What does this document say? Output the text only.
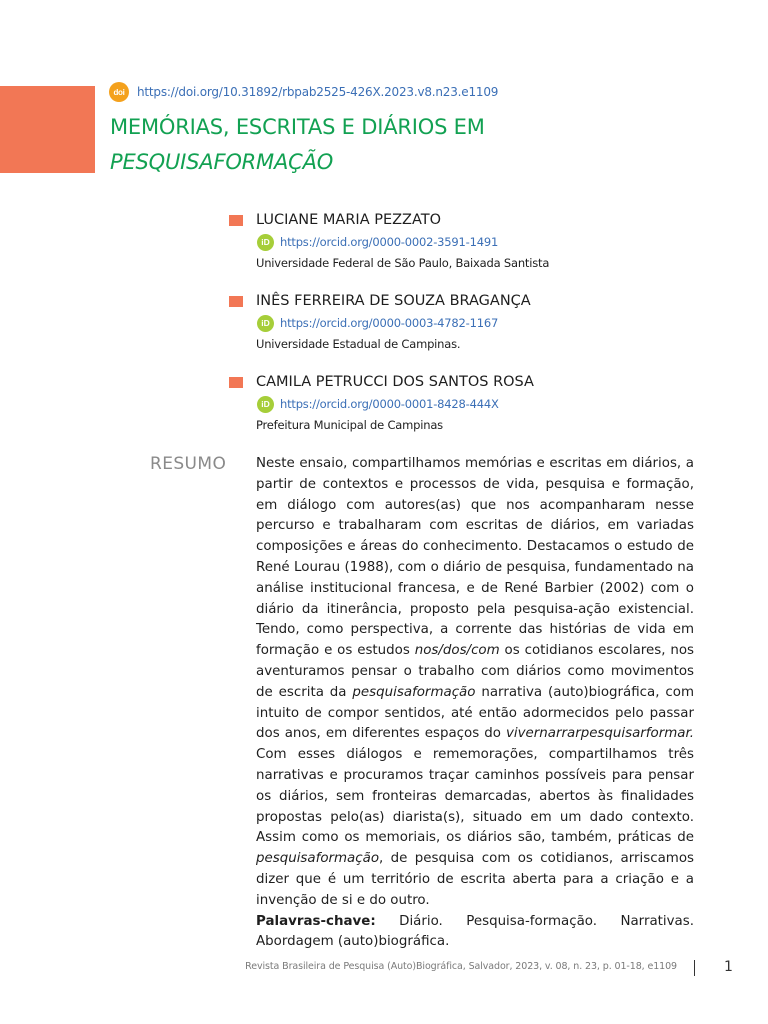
doi	https://doi.org/10.31892/rbpab2525-426X.2023.v8.n23.e1109
MEMÓRIAS, ESCRITAS E DIÁRIOS EM
PESQUISAFORMAÇÃO
LUCIANE MARIA PEZZATO
iD https://orcid.org/0000-0002-3591-1491
Universidade Federal de São Paulo, Baixada Santista
INÊS FERREIRA DE SOUZA BRAGANÇA
iD https://orcid.org/0000-0003-4782-1167
Universidade Estadual de Campinas.
CAMILA PETRUCCI DOS SANTOS ROSA
iD https://orcid.org/0000-0001-8428-444X
Prefeitura Municipal de Campinas
RESUMO Neste ensaio, compartilhamos memórias e escritas em diários, a partir de contextos e processos de vida, pesquisa e formação, em diálogo com autores(as) que nos acompanharam nesse percurso e trabalharam com escritas de diários, em variadas composições e áreas do conhecimento. Destacamos o estudo de René Lourau (1988), com o diário de pesquisa, fundamentado na análise institucional francesa, e de René Barbier (2002) com o diário da itinerância, proposto pela pesquisa-ação existencial. Tendo, como perspectiva, a corrente das histórias de vida em formação e os estudos nos/dos/com os cotidianos escolares, nos aventuramos pensar o trabalho com diários como movimentos de escrita da pesquisaformação narrativa (auto)biográfica, com intuito de compor sentidos, até então adormecidos pelo passar dos anos, em diferentes espaços do vivernarrarpesquisarformar. Com esses diálogos e rememorações, compartilhamos três narrativas e procuramos traçar caminhos possíveis para pensar os diários, sem fronteiras demarcadas, abertos às finalidades propostas pelo(as) diarista(s), situado em um dado contexto. Assim como os memoriais, os diários são, também, práticas de pesquisaformação, de pesquisa com os cotidianos, arriscamos dizer que é um território de escrita aberta para a criação e a invenção de si e do outro.

Palavras-chave: Diário. Pesquisa-formação. Narrativas. Abordagem (auto)biográfica.

Revista Brasileira de Pesquisa (Auto)Biográfica, Salvador, 2023, v. 08, n. 23, p. 01-18, e1109	1
